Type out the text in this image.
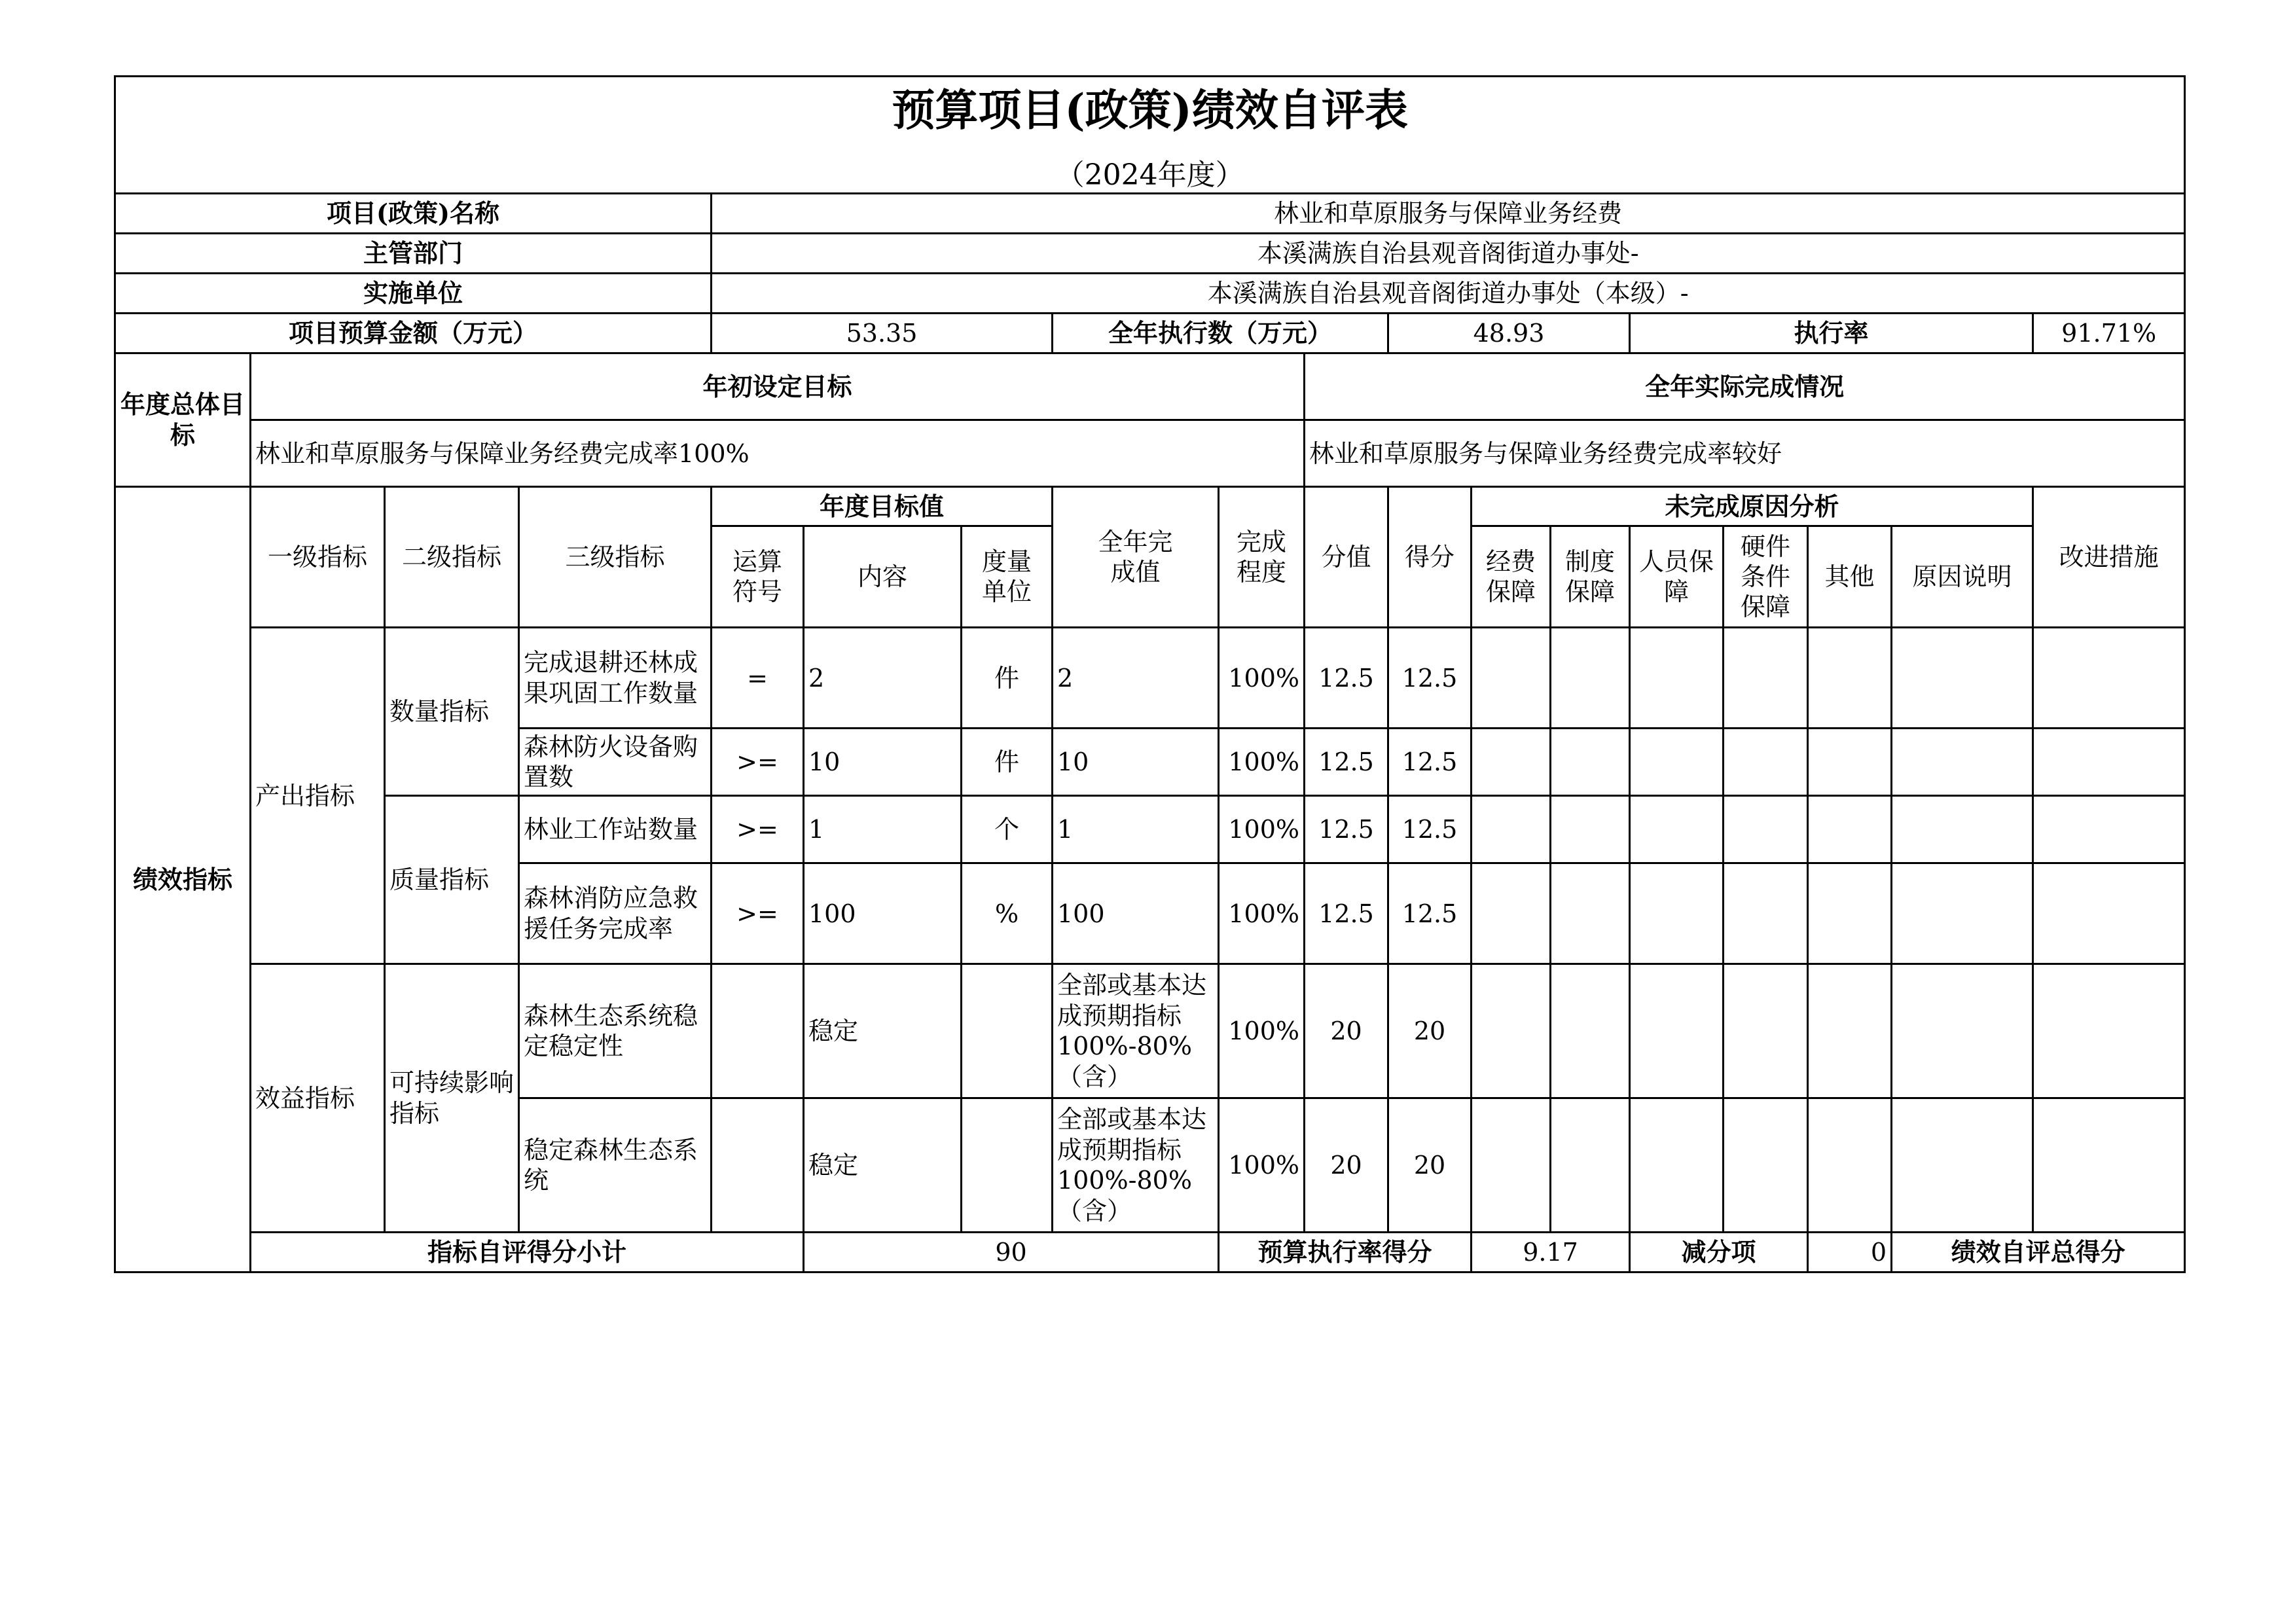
预算项目(政策)绩效自评表
（2024年度）																		

项目(政策)名称				林业和草原服务与保障业务经费														
主管部门				本溪满族自治县观音阁街道办事处-														
实施单位				本溪满族自治县观音阁街道办事处（本级）-														
项目预算金额（万元）				53.35			全年执行数（万元）			48.93			执行率				91.71%	
年度总体目标	年初设定目标								全年实际完成情况									
	林业和草原服务与保障业务经费完成率100%								林业和草原服务与保障业务经费完成率较好									
绩效指标	一级指标	二级指标	三级指标	年度目标值			全年完成值	完成程度	分值	得分	未完成原因分析						改进措施	

				运算符号	内容	度量单位					经费保障	制度保障	人员保障	硬件条件保障	其他	原因说明		
	产出指标	数量指标	完成退耕还林成果巩固工作数量	=	2	件	2	100%	12.5	12.5								
			森林防火设备购置数	>=	10	件	10	100%	12.5	12.5								
		质量指标	林业工作站数量	>=	1	个	1	100%	12.5	12.5								
			森林消防应急救援任务完成率	>=	100	%	100	100%	12.5	12.5								
	效益指标	可持续影响指标	森林生态系统稳定稳定性		稳定		全部或基本达成预期指标100%-80%（含）	100%	20	20								
			稳定森林生态系统		稳定		全部或基本达成预期指标100%-80%（含）	100%	20	20								
	指标自评得分小计				90			预算执行率得分			9.17		减分项		0	绩效自评总得分	
